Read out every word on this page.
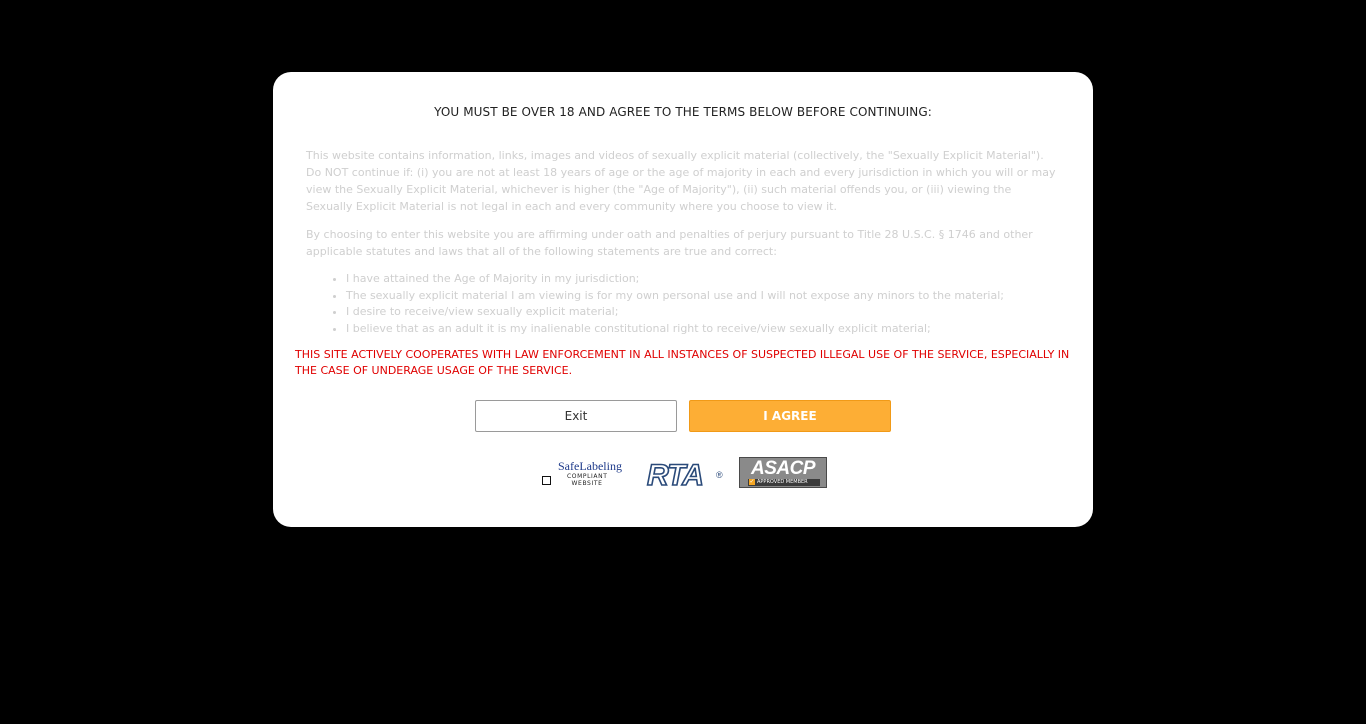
YOU MUST BE OVER 18 AND AGREE TO THE TERMS BELOW BEFORE CONTINUING:

This website contains information, links, images and videos of sexually explicit material (collectively, the "Sexually Explicit Material"). Do NOT continue if: (i) you are not at least 18 years of age or the age of majority in each and every jurisdiction in which you will or may view the Sexually Explicit Material, whichever is higher (the "Age of Majority"), (ii) such material offends you, or (iii) viewing the Sexually Explicit Material is not legal in each and every community where you choose to view it.

By choosing to enter this website you are affirming under oath and penalties of perjury pursuant to Title 28 U.S.C. § 1746 and other applicable statutes and laws that all of the following statements are true and correct:

• I have attained the Age of Majority in my jurisdiction;
• The sexually explicit material I am viewing is for my own personal use and I will not expose any minors to the material;
• I desire to receive/view sexually explicit material;
• I believe that as an adult it is my inalienable constitutional right to receive/view sexually explicit material;
THIS SITE ACTIVELY COOPERATES WITH LAW ENFORCEMENT IN ALL INSTANCES OF SUSPECTED ILLEGAL USE OF THE SERVICE, ESPECIALLY IN THE CASE OF UNDERAGE USAGE OF THE SERVICE.
Exit	I AGREE
SafeLabeling
COMPLIANT WEBSITE RTA ®	ASACP
✓ APPROVED MEMBER
